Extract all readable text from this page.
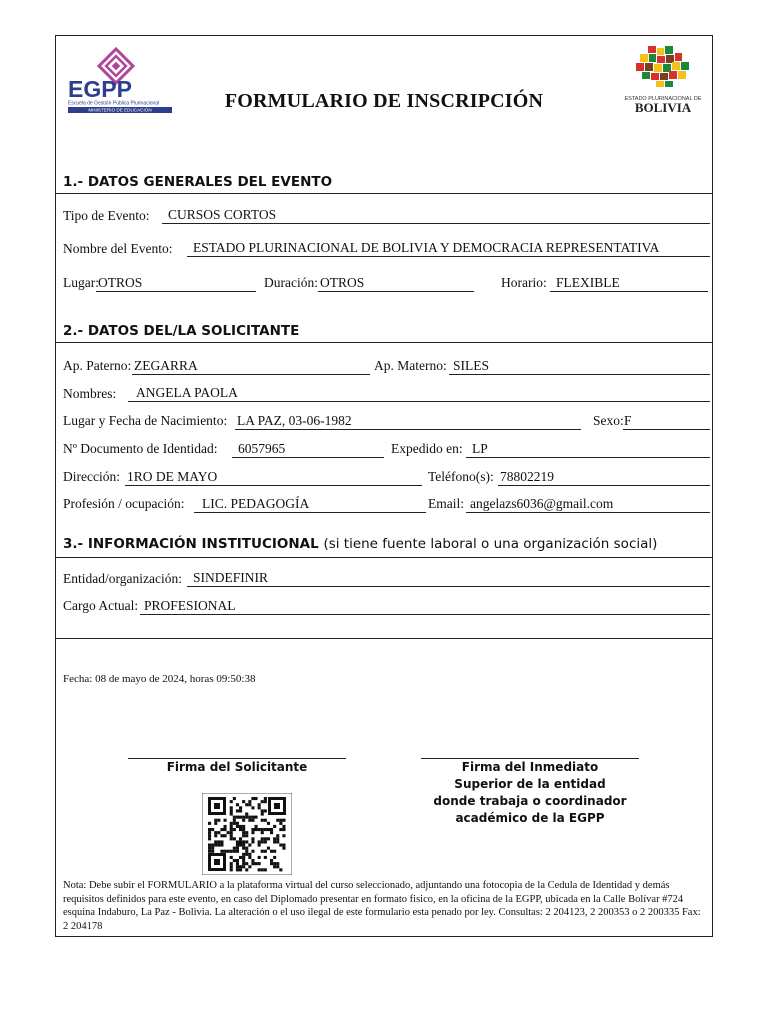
EGPP
Escuela de Gestión Pública Plurinacional
MINISTERIO DE EDUCACIÓN	FORMULARIO DE INSCRIPCIÓN	ESTADO PLURINACIONAL DE
BOLIVIA
1.- DATOS GENERALES DEL EVENTO
Tipo de Evento:	CURSOS CORTOS
Nombre del Evento:	ESTADO PLURINACIONAL DE BOLIVIA Y DEMOCRACIA REPRESENTATIVA
Lugar: OTROS	Duración: OTROS	Horario: FLEXIBLE
2.- DATOS DEL/LA SOLICITANTE
Ap. Paterno: ZEGARRA	Ap. Materno: SILES
Nombres:	ANGELA PAOLA
Lugar y Fecha de Nacimiento: LA PAZ, 03-06-1982	Sexo: F
Nº Documento de Identidad:	6057965	Expedido en: LP
Dirección: 1RO DE MAYO	Teléfono(s): 78802219
Profesión / ocupación:	LIC. PEDAGOGÍA	Email: angelazs6036@gmail.com
3.- INFORMACIÓN INSTITUCIONAL (si tiene fuente laboral o una organización social)
Entidad/organización: SINDEFINIR
Cargo Actual: PROFESIONAL
Fecha: 08 de mayo de 2024, horas 09:50:38
Firma del Solicitante	Firma del Inmediato
Superior de la entidad
donde trabaja o coordinador
académico de la EGPP
Nota: Debe subir el FORMULARIO a la plataforma virtual del curso seleccionado, adjuntando una fotocopia de la Cedula de Identidad y demás requisitos definidos para este evento, en caso del Diplomado presentar en formato fisico, en la oficina de la EGPP, ubicada en la Calle Bolívar #724 esquina Indaburo, La Paz - Bolivia. La alteración o el uso ilegal de este formulario esta penado por ley. Consultas: 2 204123, 2 200353 o 2 200335 Fax: 2 204178
